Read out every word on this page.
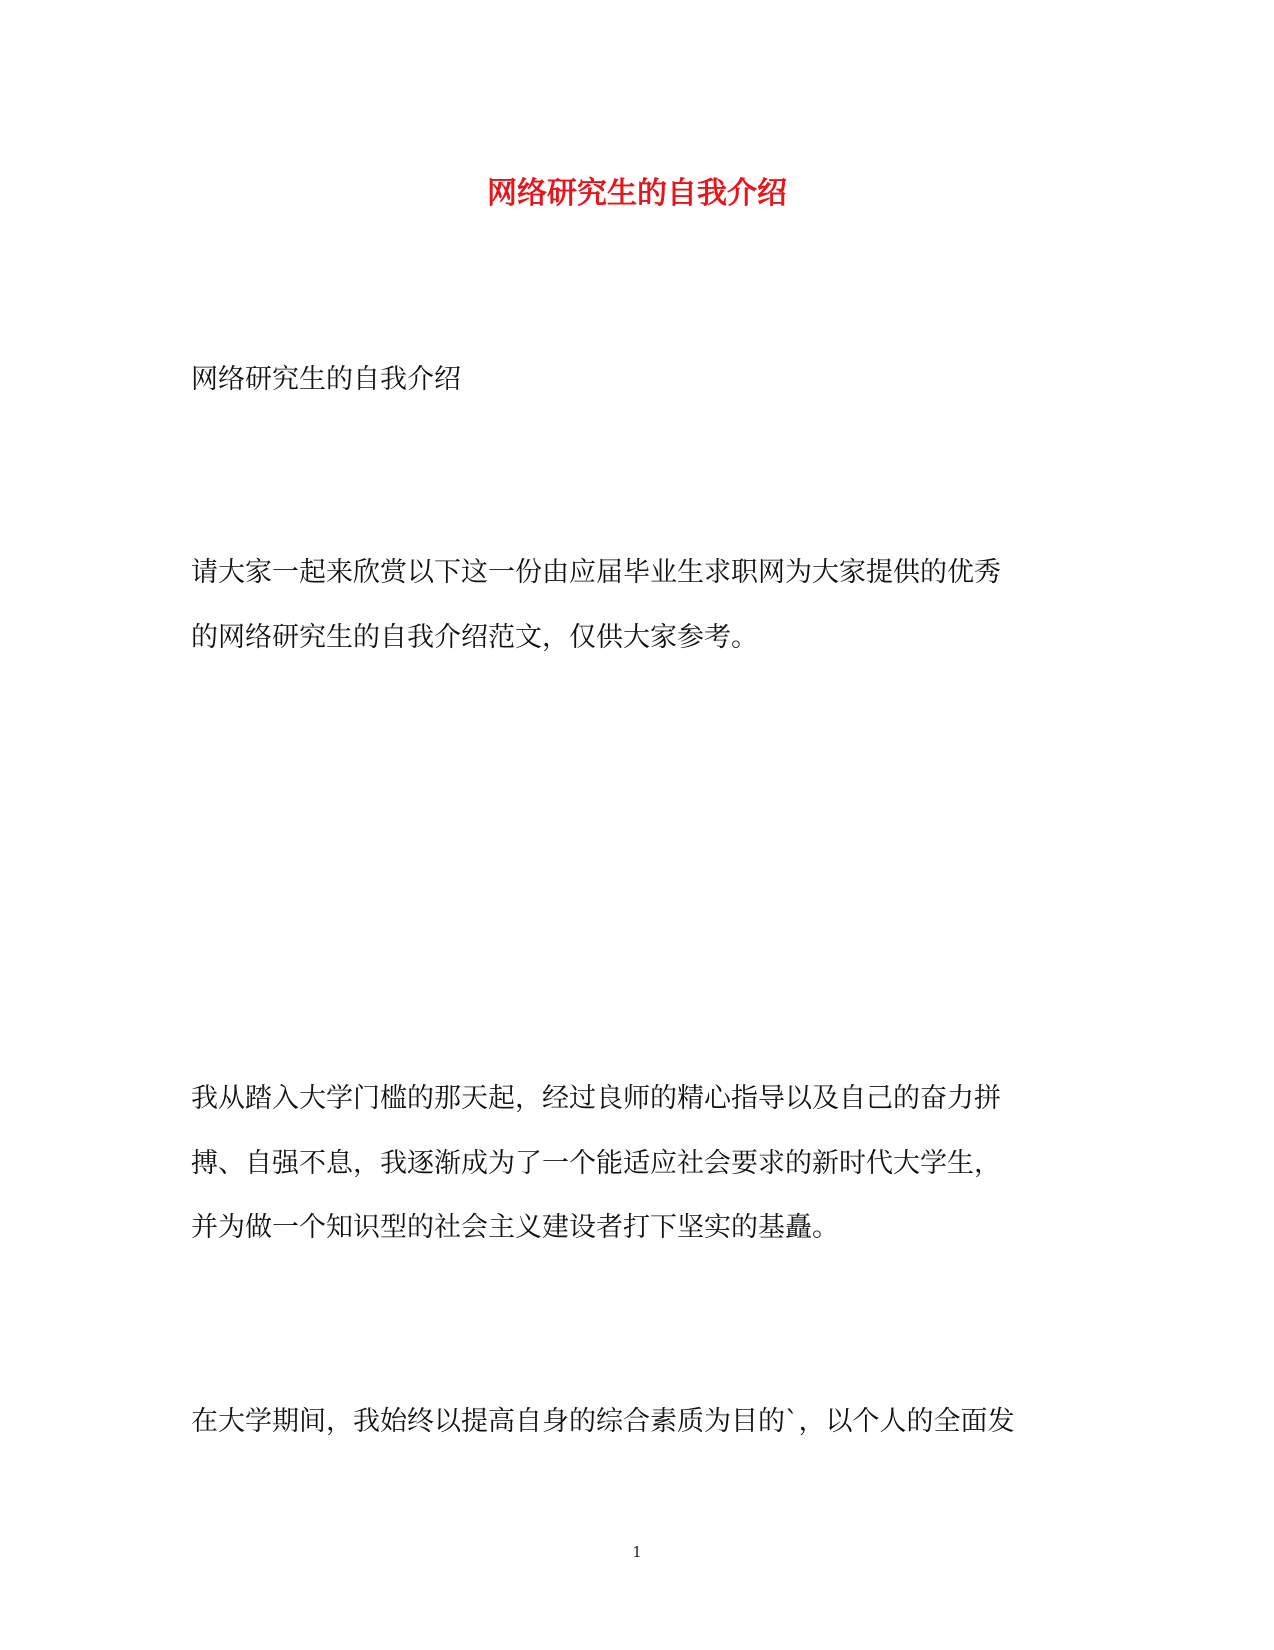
网络研究生的自我介绍
网络研究生的自我介绍
请大家一起来欣赏以下这一份由应届毕业生求职网为大家提供的优秀
的网络研究生的自我介绍范文，仅供大家参考。
我从踏入大学门槛的那天起，经过良师的精心指导以及自己的奋力拼
搏、自强不息，我逐渐成为了一个能适应社会要求的新时代大学生，
并为做一个知识型的社会主义建设者打下坚实的基矗。
在大学期间，我始终以提高自身的综合素质为目的`，以个人的全面发
1
